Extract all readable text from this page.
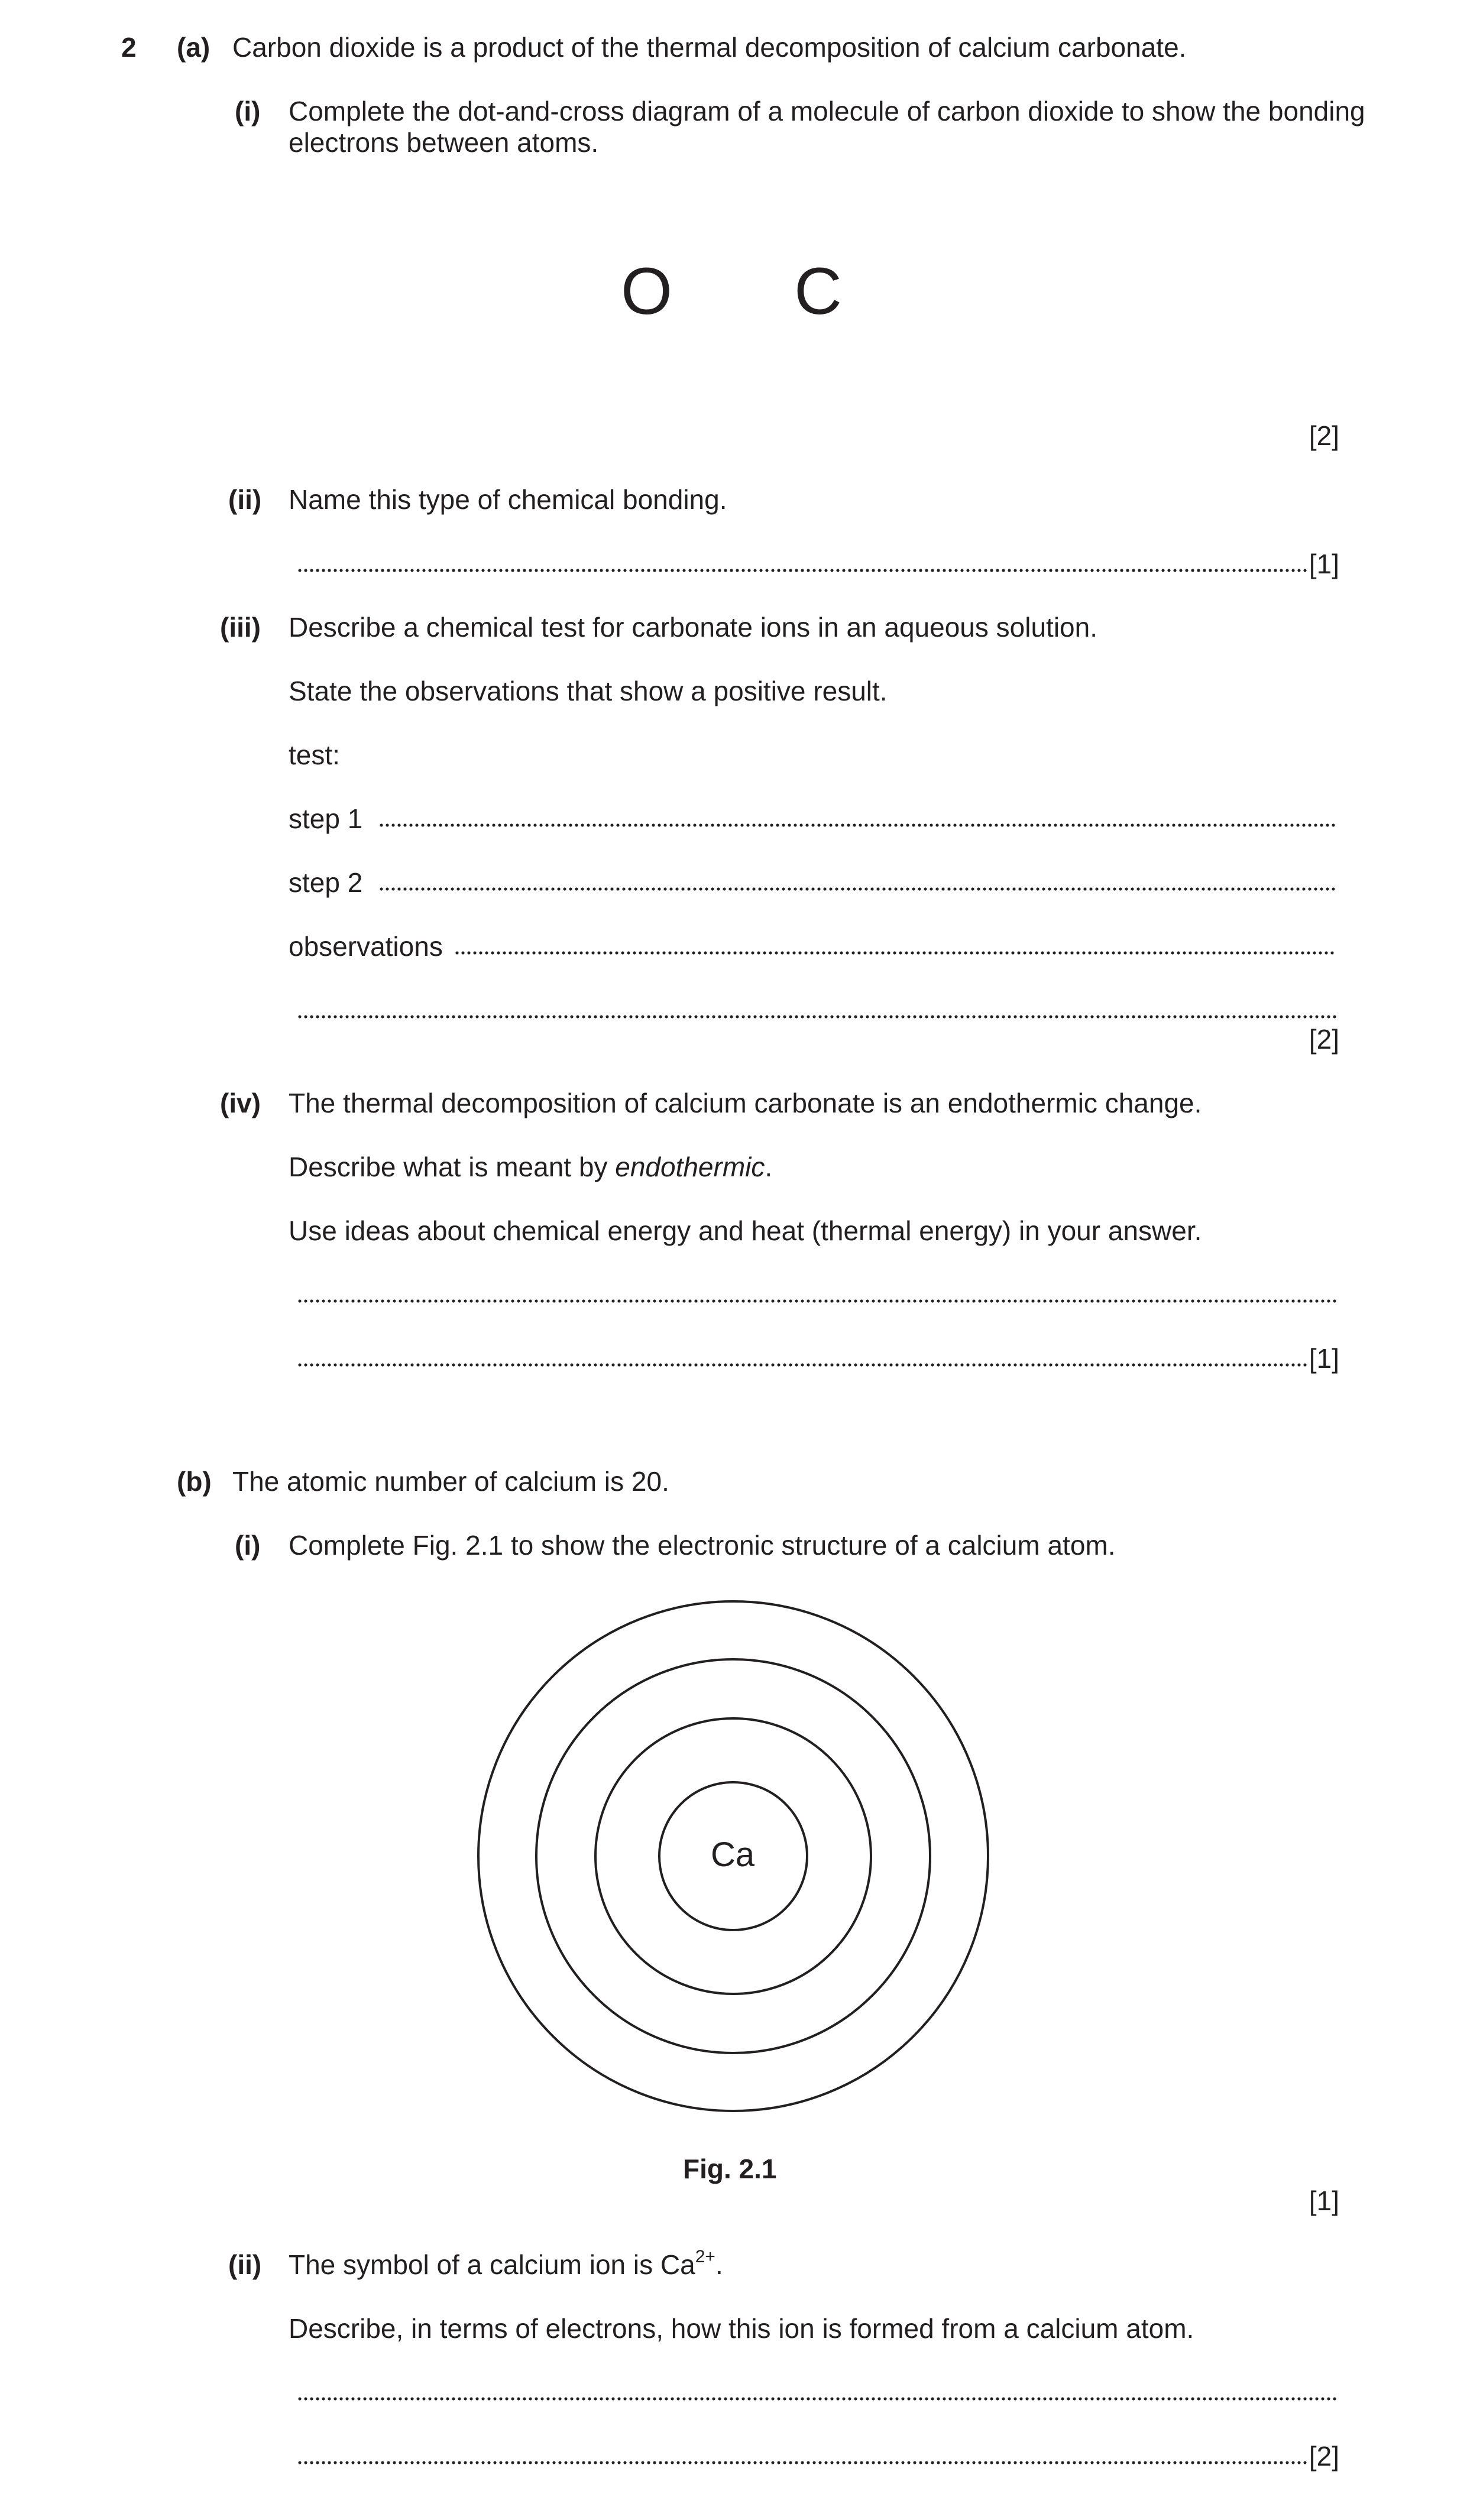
2 (a) Carbon dioxide is a product of the thermal decomposition of calcium carbonate.
(i) Complete the dot-and-cross diagram of a molecule of carbon dioxide to show the bonding
electrons between atoms.
O C
[2]
(ii) Name this type of chemical bonding.
[1]
(iii) Describe a chemical test for carbonate ions in an aqueous solution.
State the observations that show a positive result.
test:
step 1
step 2
observations
[2]
(iv) The thermal decomposition of calcium carbonate is an endothermic change.
Describe what is meant by endothermic.
Use ideas about chemical energy and heat (thermal energy) in your answer.
[1]
(b) The atomic number of calcium is 20.
(i) Complete Fig. 2.1 to show the electronic structure of a calcium atom.
Ca
Fig. 2.1
[1]
(ii) The symbol of a calcium ion is $Ca^{2+}$.
Describe, in terms of electrons, how this ion is formed from a calcium atom.
[2]
